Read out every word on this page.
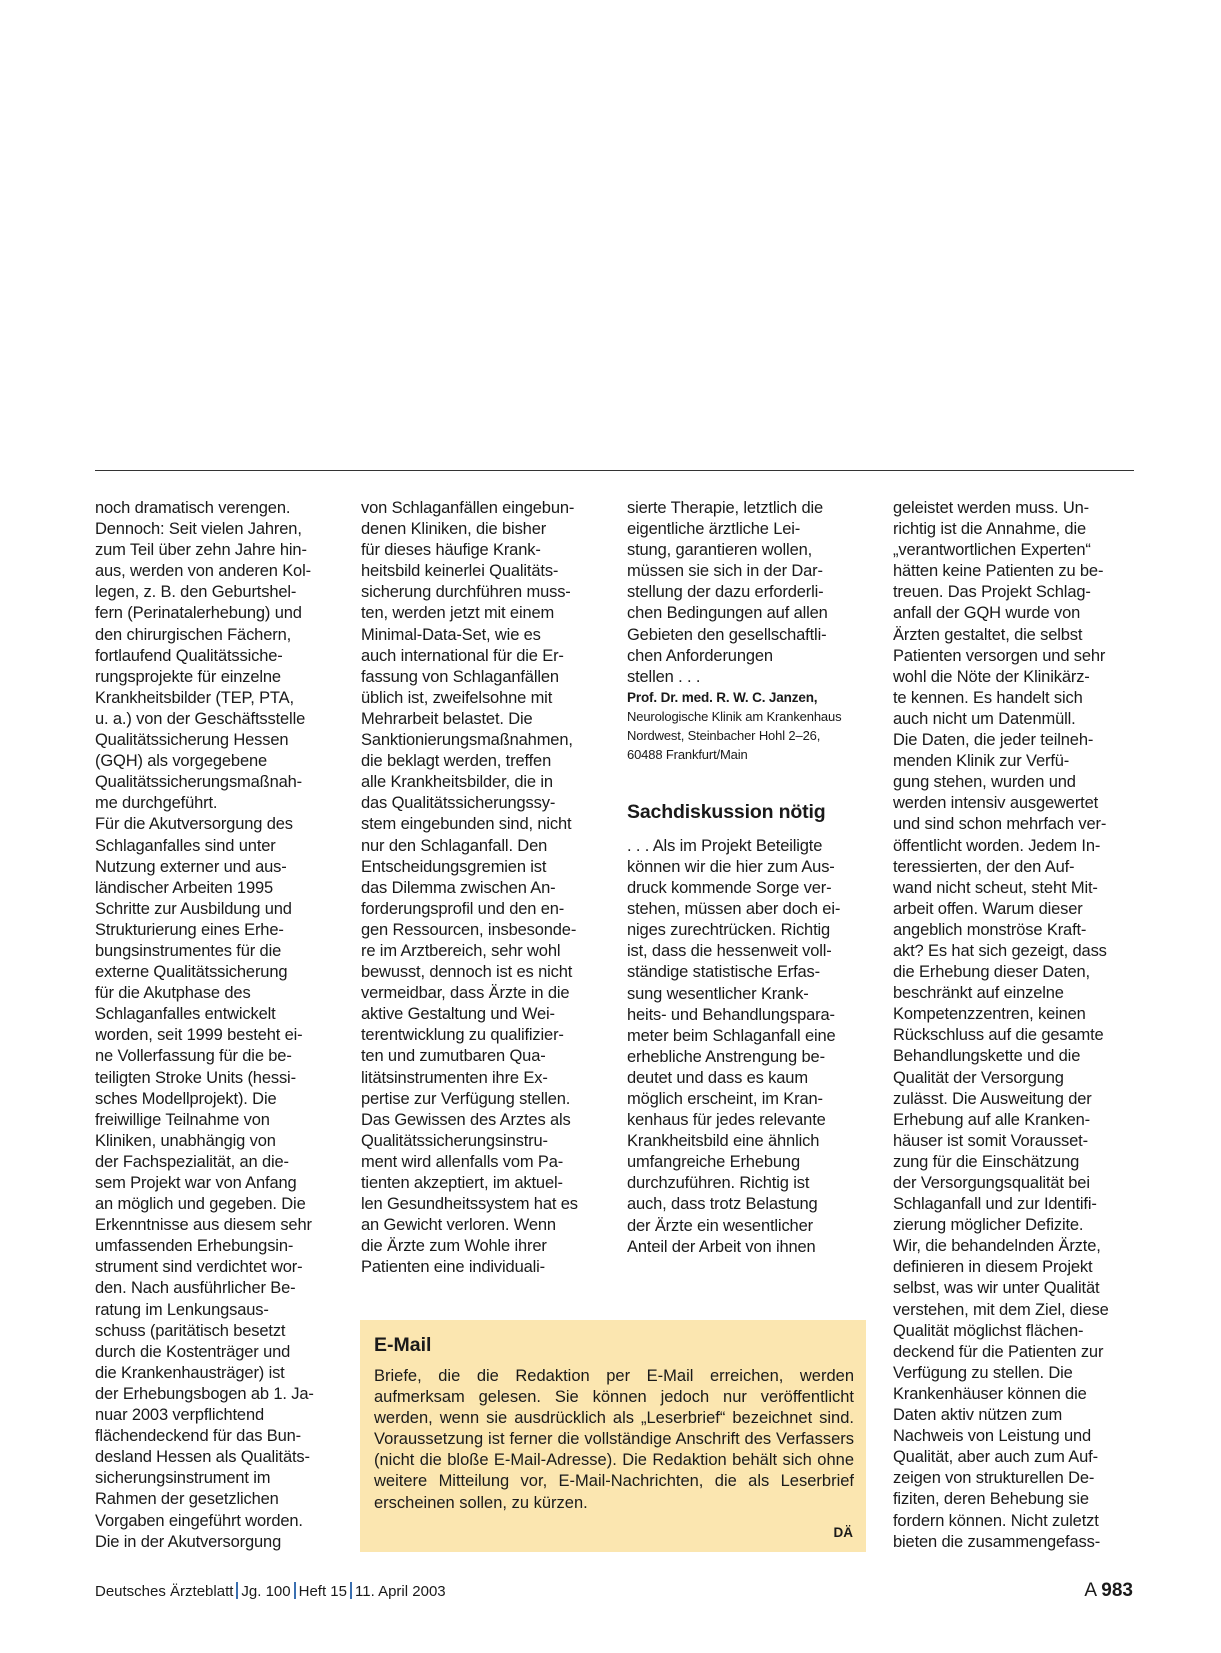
noch dramatisch verengen.
Dennoch: Seit vielen Jahren,
zum Teil über zehn Jahre hin-
aus, werden von anderen Kol-
legen, z. B. den Geburtshel-
fern (Perinatalerhebung) und
den chirurgischen Fächern,
fortlaufend Qualitätssiche-
rungsprojekte für einzelne
Krankheitsbilder (TEP, PTA,
u. a.) von der Geschäftsstelle
Qualitätssicherung Hessen
(GQH) als vorgegebene
Qualitätssicherungsmaßnah-
me durchgeführt.
Für die Akutversorgung des
Schlaganfalles sind unter
Nutzung externer und aus-
ländischer Arbeiten 1995
Schritte zur Ausbildung und
Strukturierung eines Erhe-
bungsinstrumentes für die
externe Qualitätssicherung
für die Akutphase des
Schlaganfalles entwickelt
worden, seit 1999 besteht ei-
ne Vollerfassung für die be-
teiligten Stroke Units (hessi-
sches Modellprojekt). Die
freiwillige Teilnahme von
Kliniken, unabhängig von
der Fachspezialität, an die-
sem Projekt war von Anfang
an möglich und gegeben. Die
Erkenntnisse aus diesem sehr
umfassenden Erhebungsin-
strument sind verdichtet wor-
den. Nach ausführlicher Be-
ratung im Lenkungsaus-
schuss (paritätisch besetzt
durch die Kostenträger und
die Krankenhausträger) ist
der Erhebungsbogen ab 1. Ja-
nuar 2003 verpflichtend
flächendeckend für das Bun-
desland Hessen als Qualitäts-
sicherungsinstrument im
Rahmen der gesetzlichen
Vorgaben eingeführt worden.
Die in der Akutversorgung

von Schlaganfällen eingebun-
denen Kliniken, die bisher
für dieses häufige Krank-
heitsbild keinerlei Qualitäts-
sicherung durchführen muss-
ten, werden jetzt mit einem
Minimal-Data-Set, wie es
auch international für die Er-
fassung von Schlaganfällen
üblich ist, zweifelsohne mit
Mehrarbeit belastet. Die
Sanktionierungsmaßnahmen,
die beklagt werden, treffen
alle Krankheitsbilder, die in
das Qualitätssicherungssy-
stem eingebunden sind, nicht
nur den Schlaganfall. Den
Entscheidungsgremien ist
das Dilemma zwischen An-
forderungsprofil und den en-
gen Ressourcen, insbesonde-
re im Arztbereich, sehr wohl
bewusst, dennoch ist es nicht
vermeidbar, dass Ärzte in die
aktive Gestaltung und Wei-
terentwicklung zu qualifizier-
ten und zumutbaren Qua-
litätsinstrumenten ihre Ex-
pertise zur Verfügung stellen.
Das Gewissen des Arztes als
Qualitätssicherungsinstru-
ment wird allenfalls vom Pa-
tienten akzeptiert, im aktuel-
len Gesundheitssystem hat es
an Gewicht verloren. Wenn
die Ärzte zum Wohle ihrer
Patienten eine individuali-

sierte Therapie, letztlich die
eigentliche ärztliche Lei-
stung, garantieren wollen,
müssen sie sich in der Dar-
stellung der dazu erforderli-
chen Bedingungen auf allen
Gebieten den gesellschaftli-
chen Anforderungen
stellen . . .

Prof. Dr. med. R. W. C. Janzen,
Neurologische Klinik am Krankenhaus
Nordwest, Steinbacher Hohl 2–26,
60488 Frankfurt/Main
Sachdiskussion nötig

. . . Als im Projekt Beteiligte
können wir die hier zum Aus-
druck kommende Sorge ver-
stehen, müssen aber doch ei-
niges zurechtrücken. Richtig
ist, dass die hessenweit voll-
ständige statistische Erfas-
sung wesentlicher Krank-
heits- und Behandlungspara-
meter beim Schlaganfall eine
erhebliche Anstrengung be-
deutet und dass es kaum
möglich erscheint, im Kran-
kenhaus für jedes relevante
Krankheitsbild eine ähnlich
umfangreiche Erhebung
durchzuführen. Richtig ist
auch, dass trotz Belastung
der Ärzte ein wesentlicher
Anteil der Arbeit von ihnen

geleistet werden muss. Un-
richtig ist die Annahme, die
„verantwortlichen Experten“
hätten keine Patienten zu be-
treuen. Das Projekt Schlag-
anfall der GQH wurde von
Ärzten gestaltet, die selbst
Patienten versorgen und sehr
wohl die Nöte der Klinikärz-
te kennen. Es handelt sich
auch nicht um Datenmüll.
Die Daten, die jeder teilneh-
menden Klinik zur Verfü-
gung stehen, wurden und
werden intensiv ausgewertet
und sind schon mehrfach ver-
öffentlicht worden. Jedem In-
teressierten, der den Auf-
wand nicht scheut, steht Mit-
arbeit offen. Warum dieser
angeblich monströse Kraft-
akt? Es hat sich gezeigt, dass
die Erhebung dieser Daten,
beschränkt auf einzelne
Kompetenzzentren, keinen
Rückschluss auf die gesamte
Behandlungskette und die
Qualität der Versorgung
zulässt. Die Ausweitung der
Erhebung auf alle Kranken-
häuser ist somit Vorausset-
zung für die Einschätzung
der Versorgungsqualität bei
Schlaganfall und zur Identifi-
zierung möglicher Defizite.
Wir, die behandelnden Ärzte,
definieren in diesem Projekt
selbst, was wir unter Qualität
verstehen, mit dem Ziel, diese
Qualität möglichst flächen-
deckend für die Patienten zur
Verfügung zu stellen. Die
Krankenhäuser können die
Daten aktiv nützen zum
Nachweis von Leistung und
Qualität, aber auch zum Auf-
zeigen von strukturellen De-
fiziten, deren Behebung sie
fordern können. Nicht zuletzt
bieten die zusammengefass-

E-Mail

Briefe, die die Redaktion per E-Mail erreichen, werden aufmerksam gelesen. Sie können jedoch nur veröffentlicht werden, wenn sie ausdrücklich als „Leserbrief“ bezeichnet sind. Voraussetzung ist ferner die vollständige Anschrift des Verfassers (nicht die bloße E-Mail-Adresse). Die Redaktion behält sich ohne weitere Mitteilung vor, E-Mail-Nachrichten, die als Leserbrief erscheinen sollen, zu kürzen.

DÄ
Deutsches Ärzteblatt Jg. 100 Heft 15 11. April 2003	A 983
